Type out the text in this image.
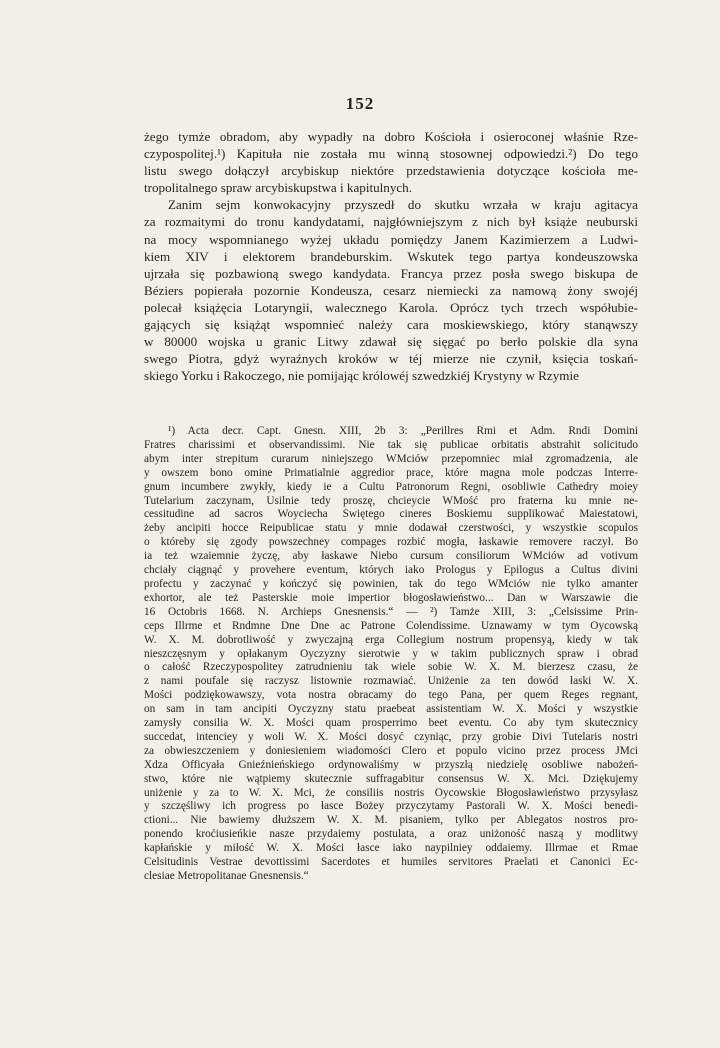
152
żego tymże obradom, aby wypadły na dobro Kościoła i osieroconej właśnie Rze-
czypospolitej.¹) Kapituła nie została mu winną stosownej odpowiedzi.²) Do tego
listu swego dołączył arcybiskup niektóre przedstawienia dotyczące kościoła me-
tropolitalnego spraw arcybiskupstwa i kapitulnych.
Zanim sejm konwokacyjny przyszedł do skutku wrzała w kraju agitacya
za rozmaitymi do tronu kandydatami, najgłówniejszym z nich był książe neuburski
na mocy wspomnianego wyżej układu pomiędzy Janem Kazimierzem a Ludwi-
kiem XIV i elektorem brandeburskim. Wskutek tego partya kondeuszowska
ujrzała się pozbawioną swego kandydata. Francya przez posła swego biskupa de
Béziers popierała pozornie Kondeusza, cesarz niemiecki za namową żony swojéj
polecał książęcia Lotaryngii, walecznego Karola. Oprócz tych trzech współubie-
gających się książąt wspomnieć należy cara moskiewskiego, który stanąwszy
w 80000 wojska u granic Litwy zdawał się sięgać po berło polskie dla syna
swego Piotra, gdyż wyraźnych kroków w téj mierze nie czynił, księcia toskań-
skiego Yorku i Rakoczego, nie pomijając królowéj szwedzkiéj Krystyny w Rzymie
¹) Acta decr. Capt. Gnesn. XIII, 2b 3: „Perillres Rmi et Adm. Rndi Domini
Fratres charissimi et observandissimi. Nie tak się publicae orbitatis abstrahit solicitudo
abym inter strepitum curarum niniejszego WMciów przepomniec miał zgromadzenia, ale
y owszem bono omine Primatialnie aggredior prace, które magna mole podczas Interre-
gnum incumbere zwykły, kiedy ie a Cultu Patronorum Regni, osobliwie Cathedry moiey
Tutelarium zaczynam, Usilnie tedy proszę, chcieycie WMość pro fraterna ku mnie ne-
cessitudine ad sacros Woyciecha Świętego cineres Boskiemu supplikować Maiestatowi,
żeby ancipiti hocce Reipublicae statu y mnie dodawał czerstwości, y wszystkie scopulos
o któreby się zgody powszechney compages rozbić mogła, łaskawie removere raczył. Bo
ia też wzaiemnie życzę, aby łaskawe Niebo cursum consiliorum WMciów ad votivum
chciały ciągnąć y provehere eventum, których iako Prologus y Epilogus a Cultus divini
profectu y zaczynać y kończyć się powinien, tak do tego WMciów nie tylko amanter
exhortor, ale też Pasterskie moie impertior błogosławieństwo... Dan w Warszawie die
16 Octobris 1668. N. Archieps Gnesnensis.“ — ²) Tamże XIII, 3: „Celsissime Prin-
ceps Illrme et Rndmne Dne Dne ac Patrone Colendissime. Uznawamy w tym Oycowską
W. X. M. dobrotliwość y zwyczajną erga Collegium nostrum propensyą, kiedy w tak
nieszczęsnym y opłakanym Oyczyzny sierotwie y w takim publicznych spraw i obrad
o całość Rzeczypospolitey zatrudnieniu tak wiele sobie W. X. M. bierzesz czasu, że
z nami poufale się raczysz listownie rozmawiać. Uniżenie za ten dowód łaski W. X.
Mości podziękowawszy, vota nostra obracamy do tego Pana, per quem Reges regnant,
on sam in tam ancipiti Oyczyzny statu praebeat assistentiam W. X. Mości y wszystkie
zamysły consilia W. X. Mości quam prosperrimo beet eventu. Co aby tym skutecznicy
succedat, intenciey y woli W. X. Mości dosyć czyniąc, przy grobie Divi Tutelaris nostri
za obwieszczeniem y doniesieniem wiadomości Clero et populo vicino przez process JMci
Xdza Officyała Gnieźnieńskiego ordynowaliśmy w przyszłą niedzielę osobliwe nabożeń-
stwo, które nie wątpiemy skutecznie suffragabitur consensus W. X. Mci. Dziękujemy
uniżenie y za to W. X. Mci, że consiliis nostris Oycowskie Błogosławieństwo przysyłasz
y szczęśliwy ich progress po łasce Bożey przyczytamy Pastorali W. X. Mości benedi-
ctioni... Nie bawiemy dłuższem W. X. M. pisaniem, tylko per Ablegatos nostros pro-
ponendo kroćiusieńkie nasze przydaiemy postulata, a oraz uniżoność naszą y modlitwy
kapłańskie y miłość W. X. Mości łasce iako naypilniey oddaiemy. Illrmae et Rmae
Celsitudinis Vestrae devottissimi Sacerdotes et humiles servitores Praelati et Canonici Ec-
clesiae Metropolitanae Gnesnensis.“
